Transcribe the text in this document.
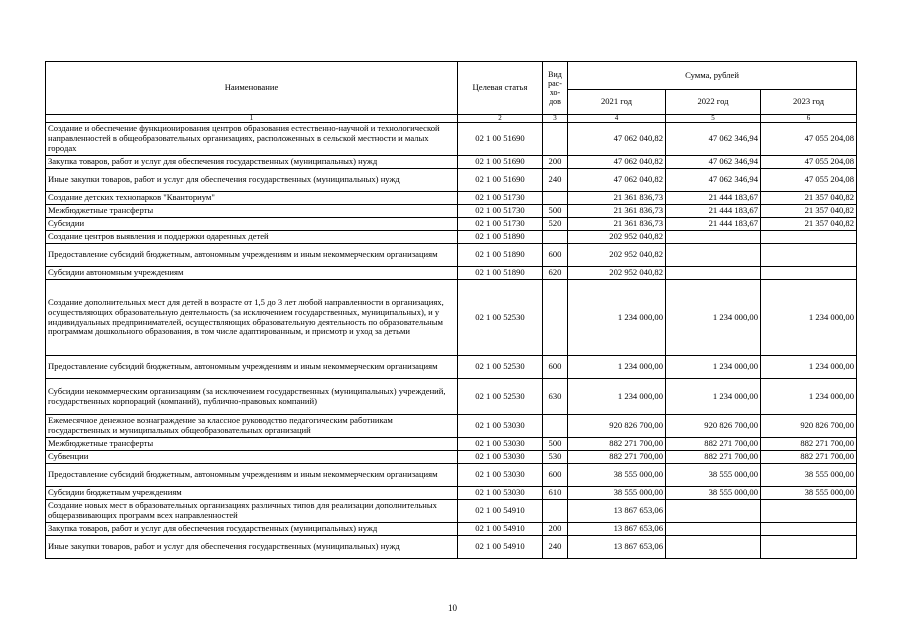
Наименование	Целевая статья	Вид рас-хо-дов	Сумма, рублей		
			2021 год	2022 год	2023 год
1	2	3	4	5	6
Создание и обеспечение функционирования центров образования естественно-научной и технологической направленностей в общеобразовательных организациях, расположенных в сельской местности и малых городах	02 1 00 51690		47 062 040,82	47 062 346,94	47 055 204,08
Закупка товаров, работ и услуг для обеспечения государственных (муниципальных) нужд	02 1 00 51690	200	47 062 040,82	47 062 346,94	47 055 204,08
Иные закупки товаров, работ и услуг для обеспечения государственных (муниципальных) нужд	02 1 00 51690	240	47 062 040,82	47 062 346,94	47 055 204,08
Создание детских технопарков "Кванториум"	02 1 00 51730		21 361 836,73	21 444 183,67	21 357 040,82
Межбюджетные трансферты	02 1 00 51730	500	21 361 836,73	21 444 183,67	21 357 040,82
Субсидии	02 1 00 51730	520	21 361 836,73	21 444 183,67	21 357 040,82
Создание центров выявления и поддержки одаренных детей	02 1 00 51890		202 952 040,82		
Предоставление субсидий бюджетным, автономным учреждениям и иным некоммерческим организациям	02 1 00 51890	600	202 952 040,82		
Субсидии автономным учреждениям	02 1 00 51890	620	202 952 040,82		
Создание дополнительных мест для детей в возрасте от 1,5 до 3 лет любой направленности в организациях, осуществляющих образовательную деятельность (за исключением государственных, муниципальных), и у индивидуальных предпринимателей, осуществляющих образовательную деятельность по образовательным программам дошкольного образования, в том числе адаптированным, и присмотр и уход за детьми	02 1 00 52530		1 234 000,00	1 234 000,00	1 234 000,00
Предоставление субсидий бюджетным, автономным учреждениям и иным некоммерческим организациям	02 1 00 52530	600	1 234 000,00	1 234 000,00	1 234 000,00
Субсидии некоммерческим организациям (за исключением государственных (муниципальных) учреждений, государственных корпораций (компаний), публично-правовых компаний)	02 1 00 52530	630	1 234 000,00	1 234 000,00	1 234 000,00
Ежемесячное денежное вознаграждение за классное руководство педагогическим работникам государственных и муниципальных общеобразовательных организаций	02 1 00 53030		920 826 700,00	920 826 700,00	920 826 700,00
Межбюджетные трансферты	02 1 00 53030	500	882 271 700,00	882 271 700,00	882 271 700,00
Субвенции	02 1 00 53030	530	882 271 700,00	882 271 700,00	882 271 700,00
Предоставление субсидий бюджетным, автономным учреждениям и иным некоммерческим организациям	02 1 00 53030	600	38 555 000,00	38 555 000,00	38 555 000,00
Субсидии бюджетным учреждениям	02 1 00 53030	610	38 555 000,00	38 555 000,00	38 555 000,00
Создание новых мест в образовательных организациях различных типов для реализации дополнительных общеразвивающих программ всех направленностей	02 1 00 54910		13 867 653,06		
Закупка товаров, работ и услуг для обеспечения государственных (муниципальных) нужд	02 1 00 54910	200	13 867 653,06		
Иные закупки товаров, работ и услуг для обеспечения государственных (муниципальных) нужд	02 1 00 54910	240	13 867 653,06		
10
